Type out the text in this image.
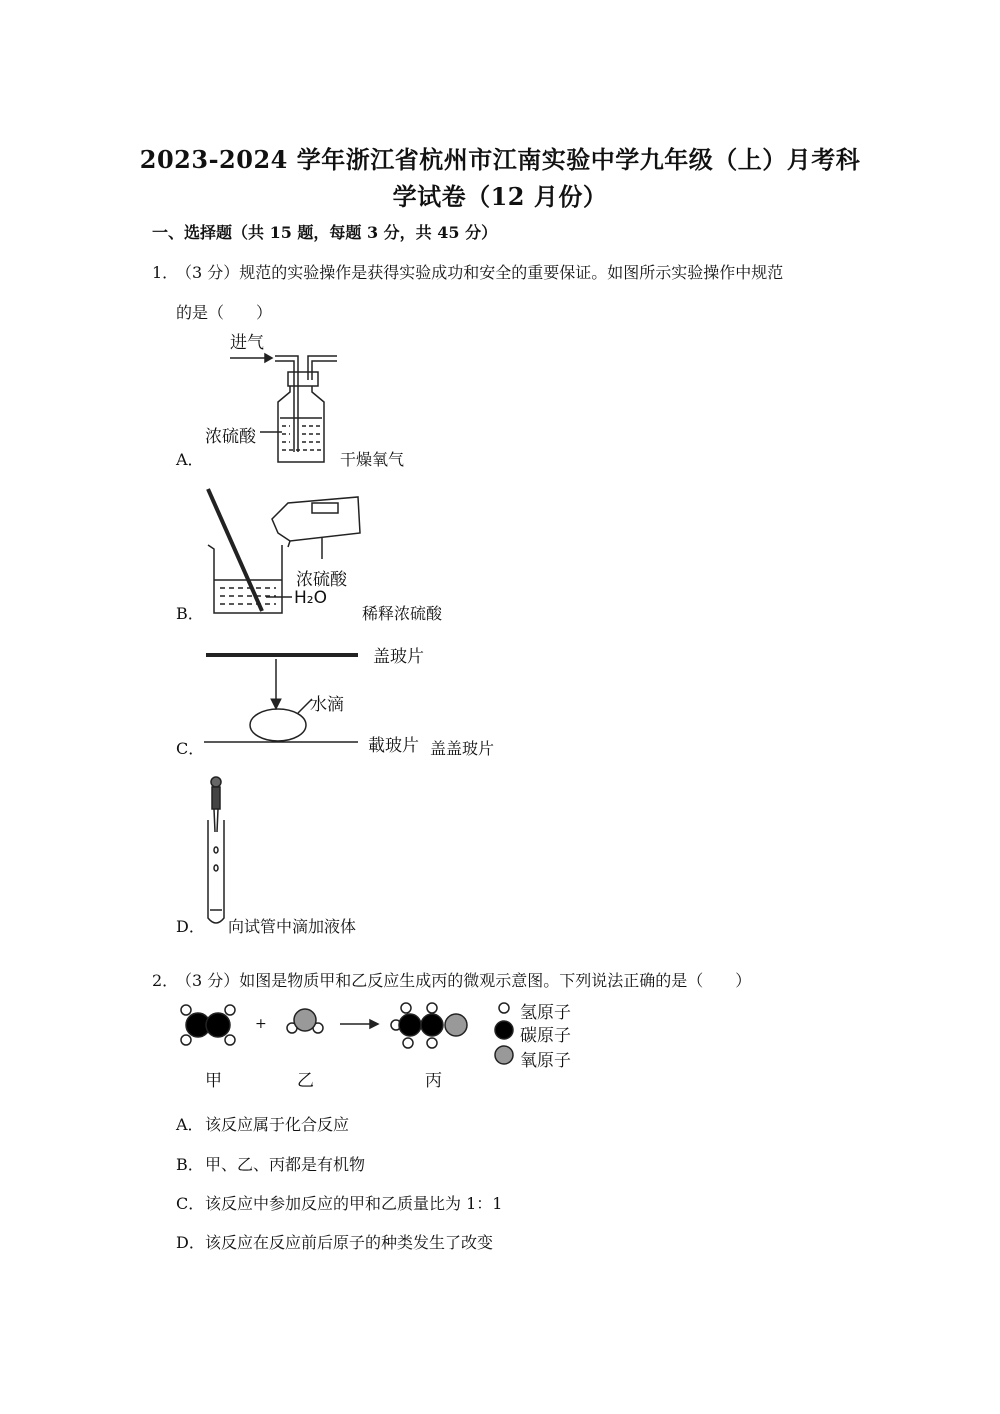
2023-2024 学年浙江省杭州市江南实验中学九年级（上）月考科
学试卷（12 月份）
一、选择题（共 15 题，每题 3 分，共 45 分）
1．
（3 分）规范的实验操作是获得实验成功和安全的重要保证。如图所示实验操作中规范
的是（　　）
A．
进气
浓硫酸
干燥氧气
B．
浓硫酸
H₂O
稀释浓硫酸
C．
盖玻片
水滴
載玻片 盖盖玻片
D． 向试管中滴加液体
2．
（3 分）如图是物质甲和乙反应生成丙的微观示意图。下列说法正确的是（　　）
+
氢原子
碳原子
氧原子
甲	乙	丙
A． 该反应属于化合反应
B． 甲、乙、丙都是有机物
C． 该反应中参加反应的甲和乙质量比为 1：1
D． 该反应在反应前后原子的种类发生了改变
